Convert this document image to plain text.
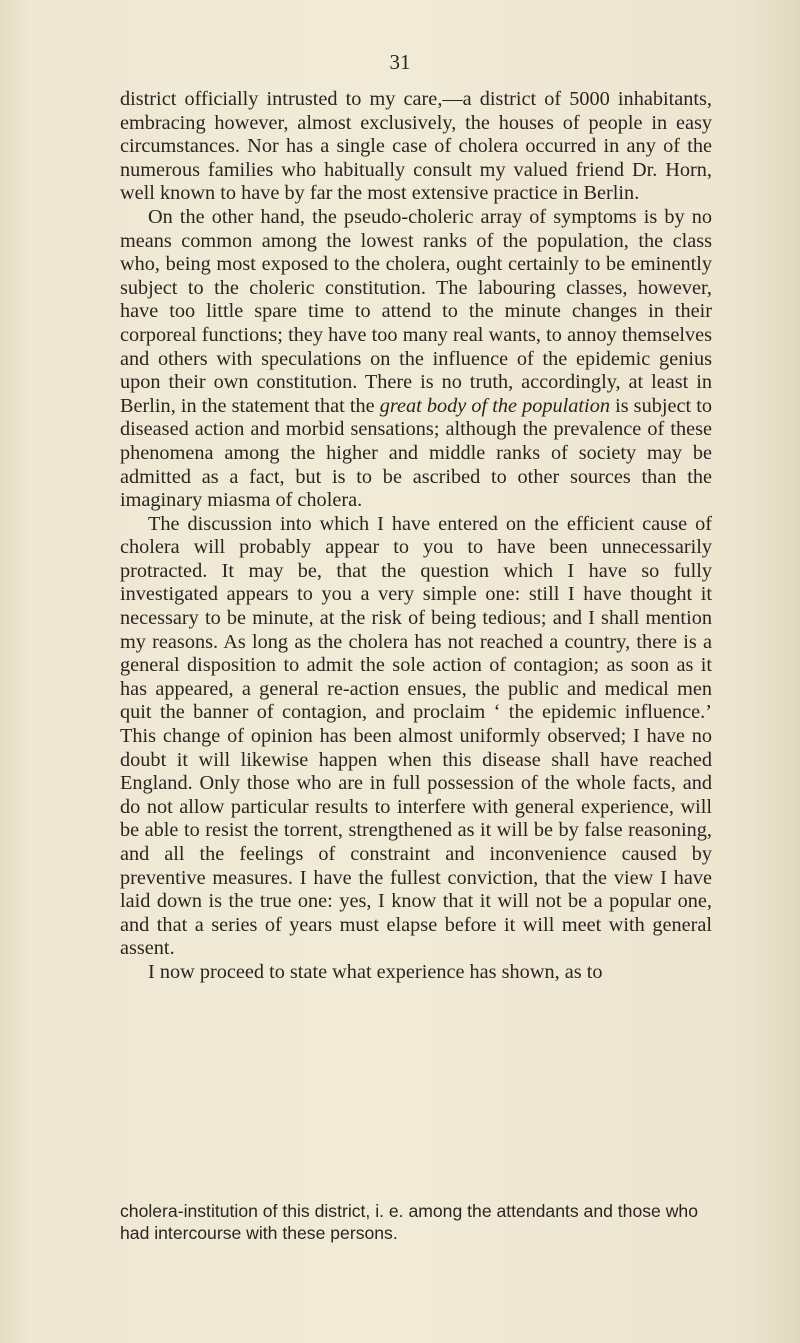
31

district officially intrusted to my care,—a district of 5000 inhabitants, embracing however, almost exclusively, the houses of people in easy circumstances. Nor has a single case of cholera occurred in any of the numerous families who habitually consult my valued friend Dr. Horn, well known to have by far the most extensive practice in Berlin.

On the other hand, the pseudo-choleric array of symptoms is by no means common among the lowest ranks of the population, the class who, being most exposed to the cholera, ought certainly to be eminently subject to the choleric constitution. The labouring classes, however, have too little spare time to attend to the minute changes in their corporeal functions; they have too many real wants, to annoy themselves and others with speculations on the influence of the epidemic genius upon their own constitution. There is no truth, accordingly, at least in Berlin, in the statement that the great body of the population is subject to diseased action and morbid sensations; although the prevalence of these phenomena among the higher and middle ranks of society may be admitted as a fact, but is to be ascribed to other sources than the imaginary miasma of cholera.

The discussion into which I have entered on the efficient cause of cholera will probably appear to you to have been unnecessarily protracted. It may be, that the question which I have so fully investigated appears to you a very simple one: still I have thought it necessary to be minute, at the risk of being tedious; and I shall mention my reasons. As long as the cholera has not reached a country, there is a general disposition to admit the sole action of contagion; as soon as it has appeared, a general re-action ensues, the public and medical men quit the banner of contagion, and proclaim ‘ the epidemic influence.’ This change of opinion has been almost uniformly observed; I have no doubt it will likewise happen when this disease shall have reached England. Only those who are in full possession of the whole facts, and do not allow particular results to interfere with general experience, will be able to resist the torrent, strengthened as it will be by false reasoning, and all the feelings of constraint and inconvenience caused by preventive measures. I have the fullest conviction, that the view I have laid down is the true one: yes, I know that it will not be a popular one, and that a series of years must elapse before it will meet with general assent.

I now proceed to state what experience has shown, as to

cholera-institution of this district, i. e. among the attendants and those who had intercourse with these persons.
